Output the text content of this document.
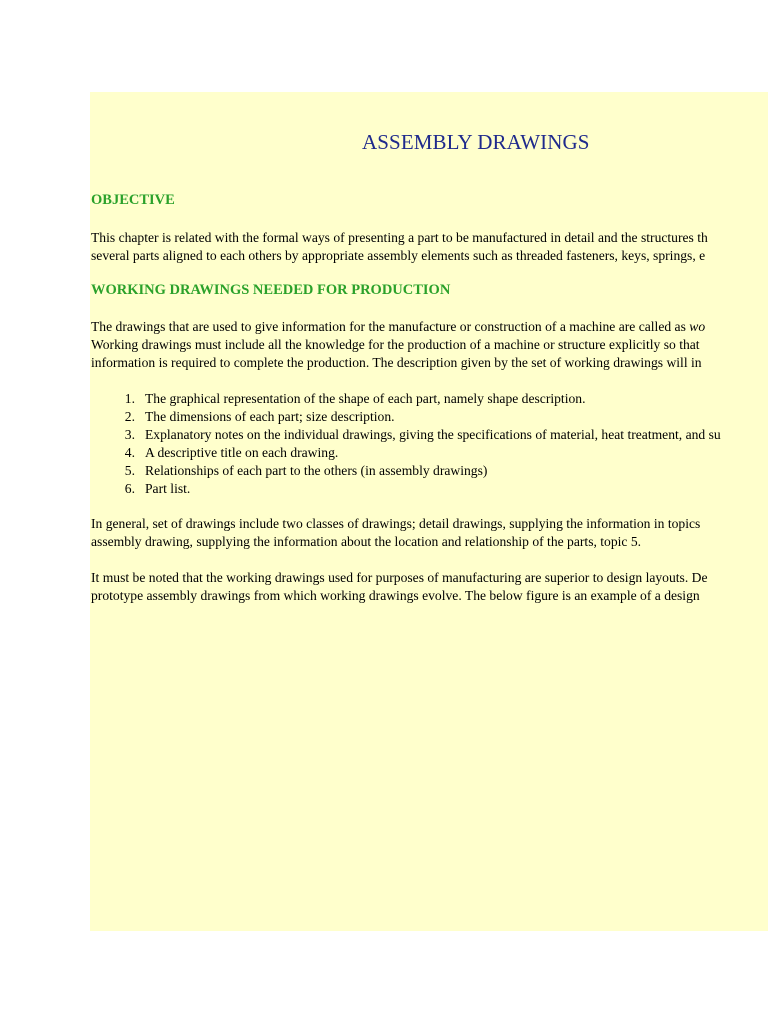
ASSEMBLY DRAWINGS
OBJECTIVE

This chapter is related with the formal ways of presenting a part to be manufactured in detail and the structures th

several parts aligned to each others by appropriate assembly elements such as threaded fasteners, keys, springs, e

WORKING DRAWINGS NEEDED FOR PRODUCTION

The drawings that are used to give information for the manufacture or construction of a machine are called as wo

Working drawings must include all the knowledge for the production of a machine or structure explicitly so that

information is required to complete the production. The description given by the set of working drawings will in

1. The graphical representation of the shape of each part, namely shape description.

2. The dimensions of each part; size description.

3. Explanatory notes on the individual drawings, giving the specifications of material, heat treatment, and su

4. A descriptive title on each drawing.

5. Relationships of each part to the others (in assembly drawings)

6. Part list.

In general, set of drawings include two classes of drawings; detail drawings, supplying the information in topics

assembly drawing, supplying the information about the location and relationship of the parts, topic 5.

It must be noted that the working drawings used for purposes of manufacturing are superior to design layouts. De

prototype assembly drawings from which working drawings evolve. The below figure is an example of a design
